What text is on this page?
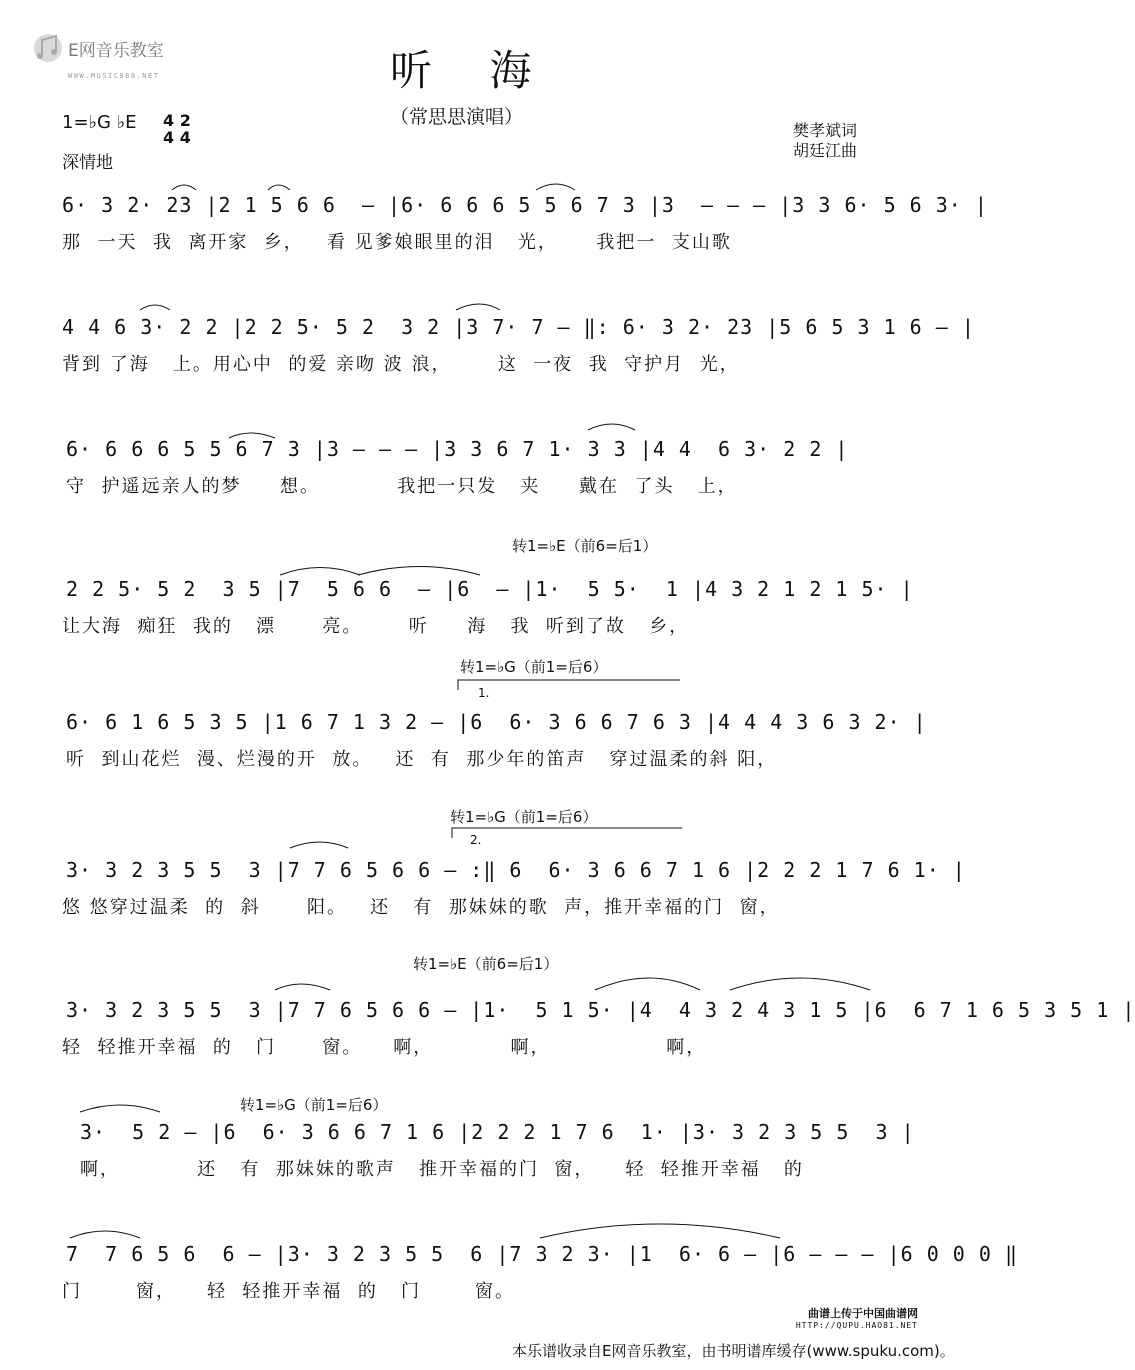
E网音乐教室
WWW.MUSIC888.NET	听 海
（常思思演唱）
1=♭G ♭E 4 2
4 4
深情地
樊孝斌词
胡廷江曲
转1=♭E（前6=后1）
转1=♭G（前1=后6）
转1=♭G（前1=后6）
转1=♭E（前6=后1）
转1=♭G（前1=后6）
1.
2.
6· 3 2· 23 |2 1 5 6 6  – |6· 6 6 6 5 5 6 7 3 |3  – – – |3 3 6· 5 6 3· |
那  一天  我  离开家  乡，   看 见爹娘眼里的泪   光，     我把一  支山歌
4 4 6 3· 2 2 |2 2 5· 5 2  3 2 |3 7· 7 – ‖: 6· 3 2· 23 |5 6 5 3 1 6 – |
背到 了海   上。用心中  的爱 亲吻 波 浪，      这  一夜  我  守护月  光，
6· 6 6 6 5 5 6 7 3 |3 – – – |3 3 6 7 1· 3 3 |4 4  6 3· 2 2 |
守  护遥远亲人的梦     想。          我把一只发   夹     戴在  了头   上，
2 2 5· 5 2  3 5 |7  5 6 6  – |6  – |1·  5 5·  1 |4 3 2 1 2 1 5· |
让大海  痴狂  我的   漂      亮。      听     海   我  听到了故   乡，
6· 6 1 6 5 3 5 |1 6 7 1 3 2 – |6  6· 3 6 6 7 6 3 |4 4 4 3 6 3 2· |
听  到山花烂  漫、烂漫的开  放。   还  有  那少年的笛声   穿过温柔的斜 阳，
3· 3 2 3 5 5  3 |7 7 6 5 6 6 – :‖ 6  6· 3 6 6 7 1 6 |2 2 2 1 7 6 1· |
悠 悠穿过温柔  的  斜      阳。   还   有  那妹妹的歌  声，推开幸福的门  窗，
3· 3 2 3 5 5  3 |7 7 6 5 6 6 – |1·  5 1 5· |4  4 3 2 4 3 1 5 |6  6 7 1 6 5 3 5 1 |
轻  轻推开幸福  的   门      窗。    啊，          啊，               啊，
3·  5 2 – |6  6· 3 6 6 7 1 6 |2 2 2 1 7 6  1· |3· 3 2 3 5 5  3 |
啊，          还   有  那妹妹的歌声   推开幸福的门  窗，    轻  轻推开幸福   的
7  7 6 5 6  6 – |3· 3 2 3 5 5  6 |7 3 2 3· |1  6· 6 – |6 – – – |6 0 0 0 ‖
门       窗，    轻  轻推开幸福  的   门       窗。
曲谱上传于中国曲谱网
HTTP://QUPU.HAO81.NET
本乐谱收录自E网音乐教室，由书明谱库缓存(www.spuku.com)。
